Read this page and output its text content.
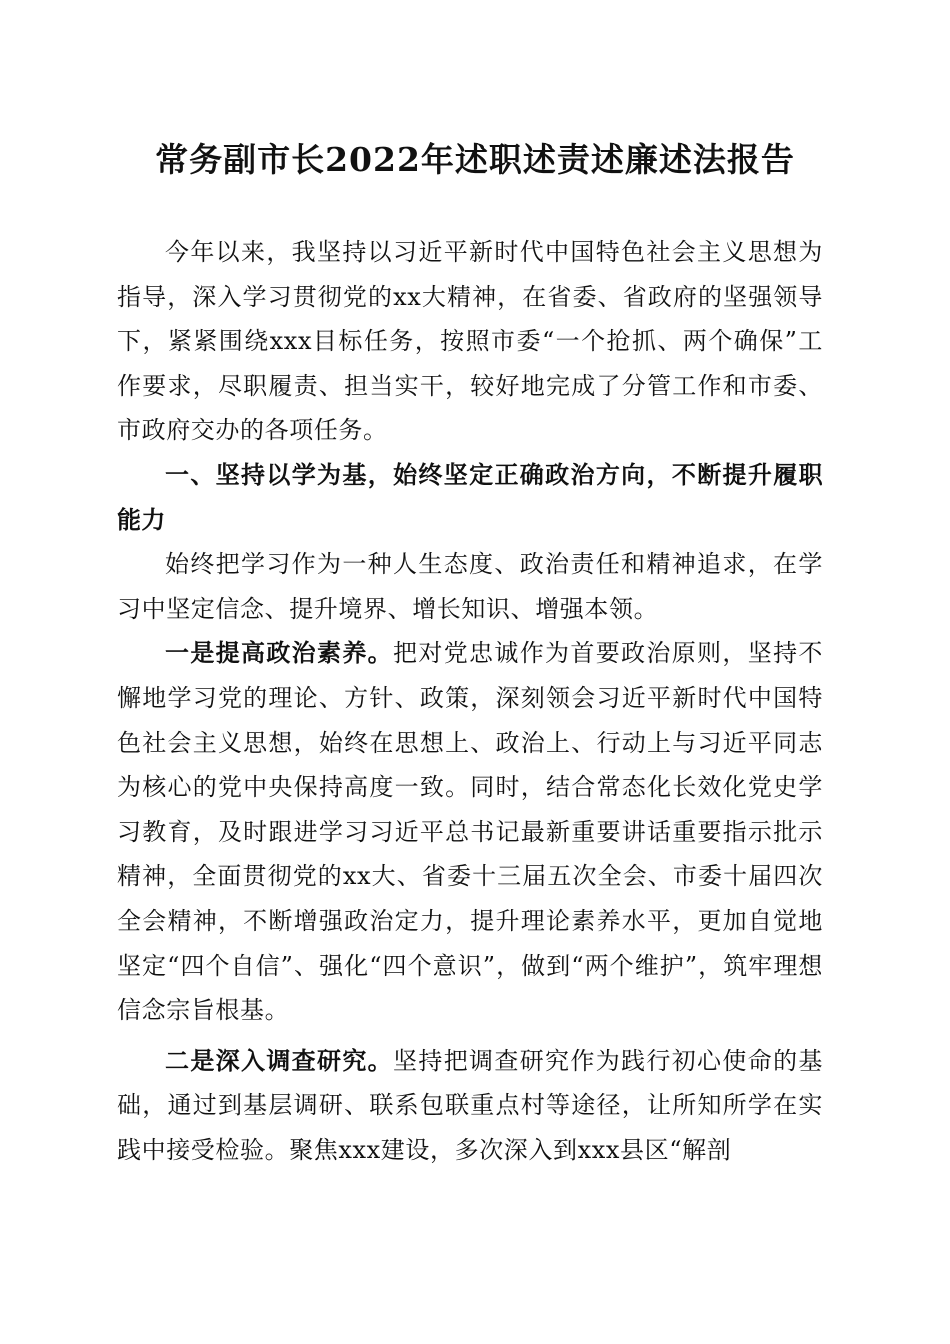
常务副市长2022年述职述责述廉述法报告

今年以来，我坚持以习近平新时代中国特色社会主义思想为指导，深入学习贯彻党的xx大精神，在省委、省政府的坚强领导下，紧紧围绕xxx目标任务，按照市委“一个抢抓、两个确保”工作要求，尽职履责、担当实干，较好地完成了分管工作和市委、市政府交办的各项任务。

一、坚持以学为基，始终坚定正确政治方向，不断提升履职能力

始终把学习作为一种人生态度、政治责任和精神追求，在学习中坚定信念、提升境界、增长知识、增强本领。

一是提高政治素养。把对党忠诚作为首要政治原则，坚持不懈地学习党的理论、方针、政策，深刻领会习近平新时代中国特色社会主义思想，始终在思想上、政治上、行动上与习近平同志为核心的党中央保持高度一致。同时，结合常态化长效化党史学习教育，及时跟进学习习近平总书记最新重要讲话重要指示批示精神，全面贯彻党的xx大、省委十三届五次全会、市委十届四次全会精神，不断增强政治定力，提升理论素养水平，更加自觉地坚定“四个自信”、强化“四个意识”，做到“两个维护”，筑牢理想信念宗旨根基。

二是深入调查研究。坚持把调查研究作为践行初心使命的基础，通过到基层调研、联系包联重点村等途径，让所知所学在实践中接受检验。聚焦xxx建设，多次深入到xxx县区“解剖
